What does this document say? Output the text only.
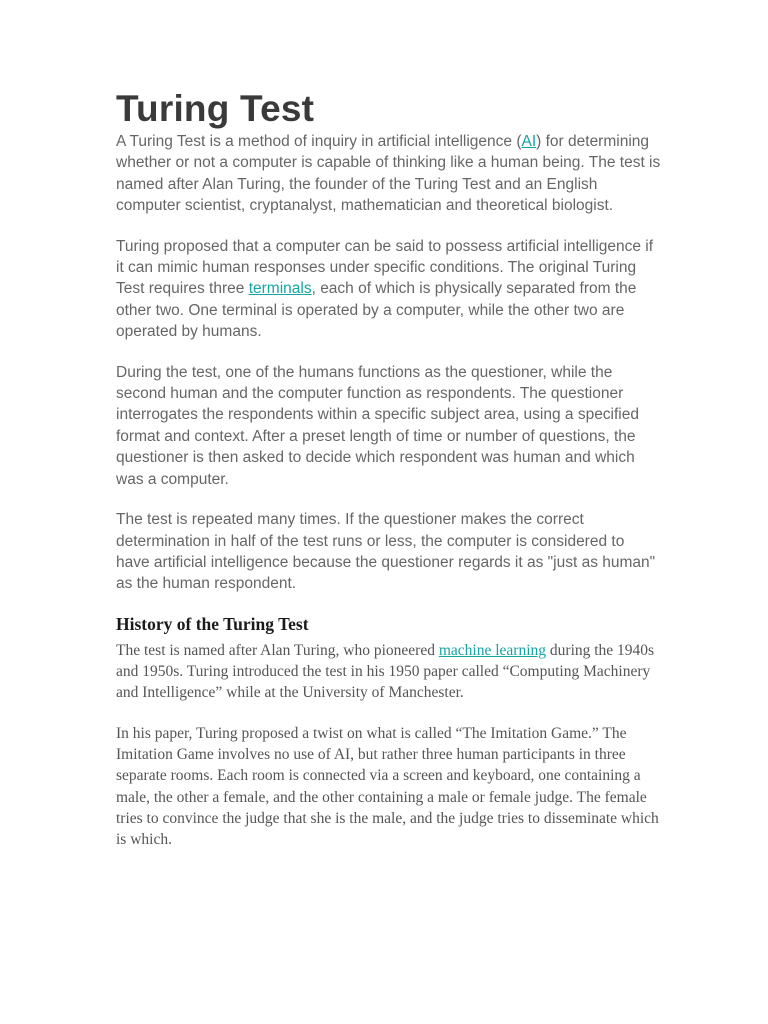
Turing Test

A Turing Test is a method of inquiry in artificial intelligence (AI) for determining whether or not a computer is capable of thinking like a human being. The test is named after Alan Turing, the founder of the Turing Test and an English computer scientist, cryptanalyst, mathematician and theoretical biologist.

Turing proposed that a computer can be said to possess artificial intelligence if it can mimic human responses under specific conditions. The original Turing Test requires three terminals, each of which is physically separated from the other two. One terminal is operated by a computer, while the other two are operated by humans.

During the test, one of the humans functions as the questioner, while the second human and the computer function as respondents. The questioner interrogates the respondents within a specific subject area, using a specified format and context. After a preset length of time or number of questions, the questioner is then asked to decide which respondent was human and which was a computer.

The test is repeated many times. If the questioner makes the correct determination in half of the test runs or less, the computer is considered to have artificial intelligence because the questioner regards it as "just as human" as the human respondent.

History of the Turing Test

The test is named after Alan Turing, who pioneered machine learning during the 1940s and 1950s. Turing introduced the test in his 1950 paper called “Computing Machinery and Intelligence” while at the University of Manchester.

In his paper, Turing proposed a twist on what is called “The Imitation Game.” The Imitation Game involves no use of AI, but rather three human participants in three separate rooms. Each room is connected via a screen and keyboard, one containing a male, the other a female, and the other containing a male or female judge. The female tries to convince the judge that she is the male, and the judge tries to disseminate which is which.
